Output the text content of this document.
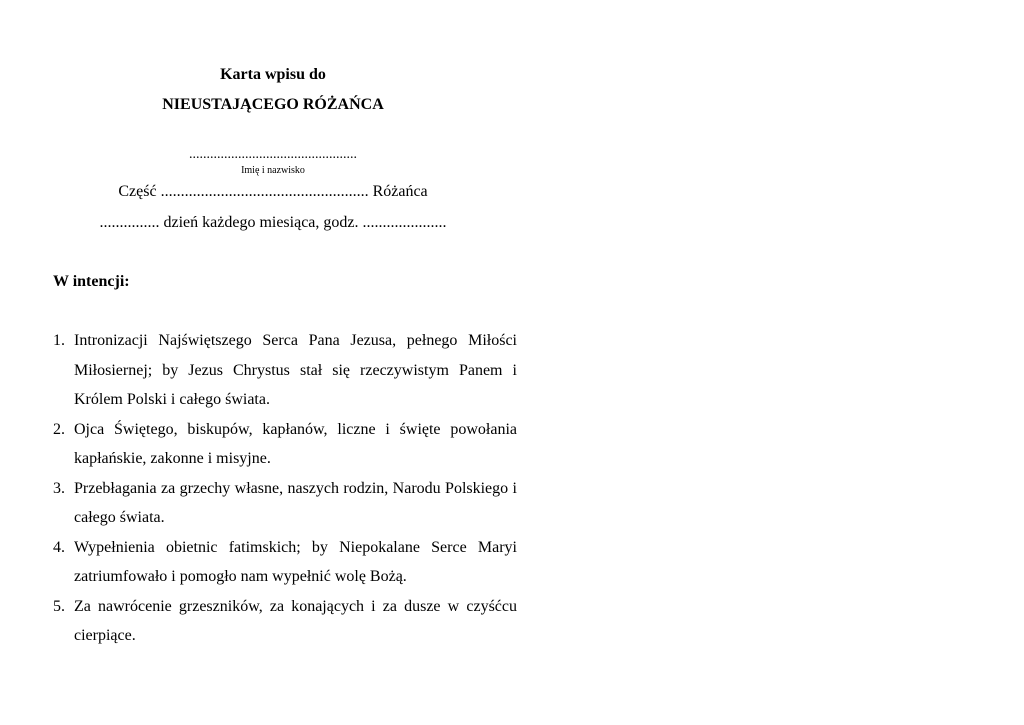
Karta wpisu do
NIEUSTAJĄCEGO RÓŻAŃCA
................................................
Imię i nazwisko
Część .................................................... Różańca
............... dzień każdego miesiąca, godz. .....................
W intencji:
1. Intronizacji Najświętszego Serca Pana Jezusa, pełnego Miłości Miłosiernej; by Jezus Chrystus stał się rzeczywistym Panem i Królem Polski i całego świata.
2. Ojca Świętego, biskupów, kapłanów, liczne i święte powołania kapłańskie, zakonne i misyjne.
3. Przebłagania za grzechy własne, naszych rodzin, Narodu Polskiego i całego świata.
4. Wypełnienia obietnic fatimskich; by Niepokalane Serce Maryi zatriumfowało i pomogło nam wypełnić wolę Bożą.
5. Za nawrócenie grzeszników, za konających i za dusze w czyśćcu cierpiące.
